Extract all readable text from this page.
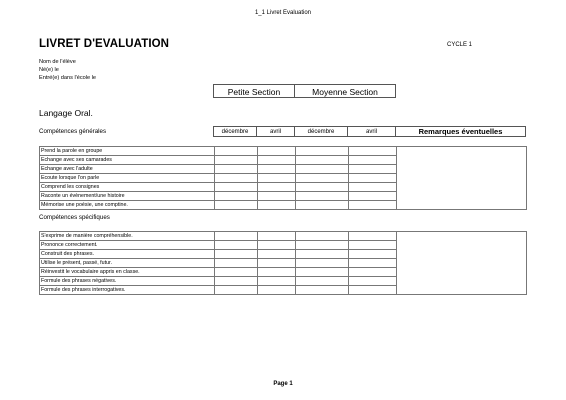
1_1 Livret Evaluation
LIVRET D'EVALUATION	CYCLE 1
Nom de l'élève
Né(e) le
Entré(e) dans l'école le
Petite Section	Moyenne Section
Langage Oral.
Compétences générales	décembre	avril	décembre	avril	Remarques éventuelles
Prend la parole en groupe					
Echange avec ses camarades					
Echange avec l'adulte					
Ecoute lorsque l'on parle					
Comprend les consignes					
Raconte un évènement/une histoire					
Mémorise une poésie, une comptine.					
Compétences spécifiques
S'exprime de manière compréhensible.					
Prononce correctement.					
Construit des phrases.					
Utilise le présent, passé, futur.					
Réinvestit le vocabulaire appris en classe.					
Formule des phrases négatives.					
Formule des phrases interrogatives.					
Page 1
